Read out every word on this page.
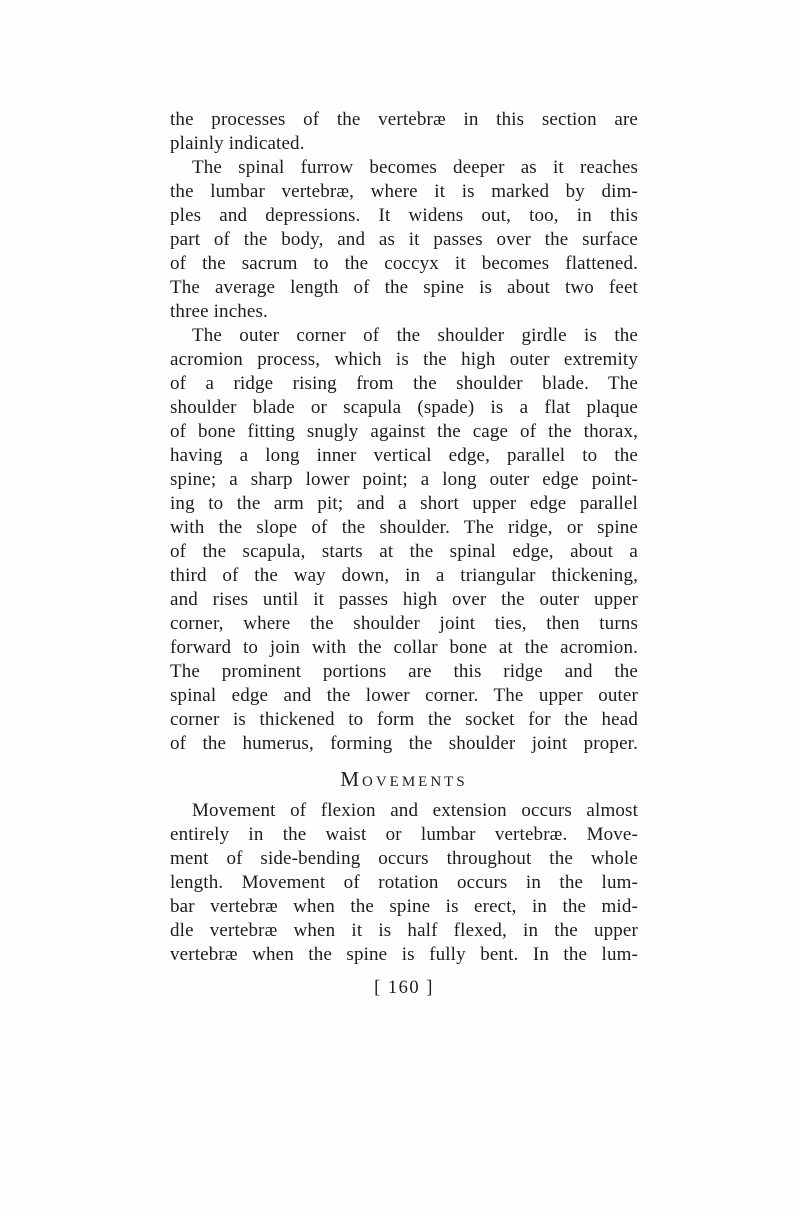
the processes of the vertebræ in this section are
plainly indicated.
The spinal furrow becomes deeper as it reaches
the lumbar vertebræ, where it is marked by dim-
ples and depressions. It widens out, too, in this
part of the body, and as it passes over the surface
of the sacrum to the coccyx it becomes flattened.
The average length of the spine is about two feet
three inches.
The outer corner of the shoulder girdle is the
acromion process, which is the high outer extremity
of a ridge rising from the shoulder blade. The
shoulder blade or scapula (spade) is a flat plaque
of bone fitting snugly against the cage of the thorax,
having a long inner vertical edge, parallel to the
spine; a sharp lower point; a long outer edge point-
ing to the arm pit; and a short upper edge parallel
with the slope of the shoulder. The ridge, or spine
of the scapula, starts at the spinal edge, about a
third of the way down, in a triangular thickening,
and rises until it passes high over the outer upper
corner, where the shoulder joint ties, then turns
forward to join with the collar bone at the acromion.
The prominent portions are this ridge and the
spinal edge and the lower corner. The upper outer
corner is thickened to form the socket for the head
of the humerus, forming the shoulder joint proper.
Movements
Movement of flexion and extension occurs almost
entirely in the waist or lumbar vertebræ. Move-
ment of side-bending occurs throughout the whole
length. Movement of rotation occurs in the lum-
bar vertebræ when the spine is erect, in the mid-
dle vertebræ when it is half flexed, in the upper
vertebræ when the spine is fully bent. In the lum-
[ 160 ]
